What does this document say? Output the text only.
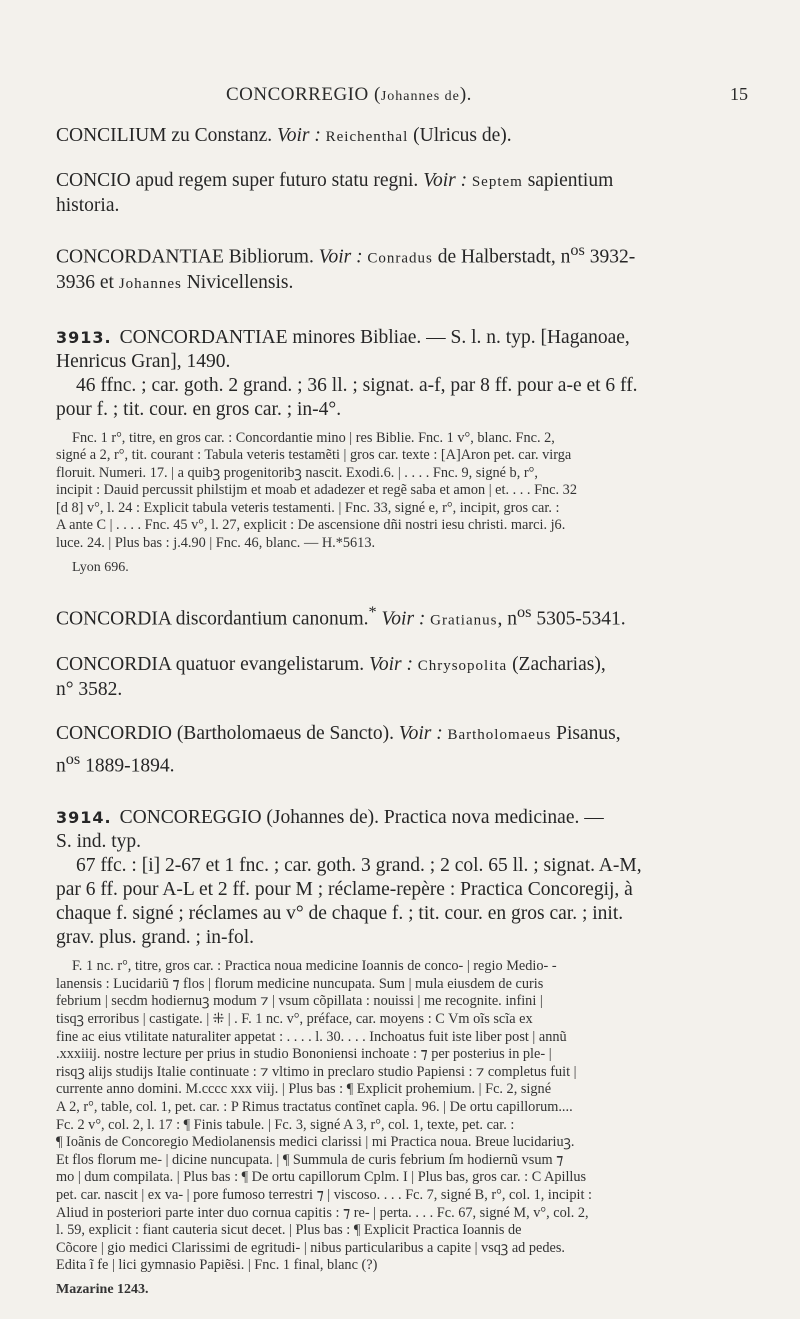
CONCORREGIO (Johannes de).	15
CONCILIUM zu Constanz. Voir : Reichenthal (Ulricus de).
CONCIO apud regem super futuro statu regni. Voir : Septem sapientium
historia.
CONCORDANTIAE Bibliorum. Voir : Conradus de Halberstadt, $n^{os}$ 3932-
3936 et Johannes Nivicellensis.
3913. CONCORDANTIAE minores Bibliae. — S. l. n. typ. [Haganoae,
Henricus Gran], 1490.
46 ffnc. ; car. goth. 2 grand. ; 36 ll. ; signat. a-f, par 8 ff. pour a-e et 6 ff.
pour f. ; tit. cour. en gros car. ; in-4°.
Fnc. 1 r°, titre, en gros car. : Concordantie mino | res Biblie. Fnc. 1 v°, blanc. Fnc. 2,
signé a 2, r°, tit. courant : Tabula veteris testamẽti | gros car. texte : [A]Aron pet. car. virga
floruit. Numeri. 17. | a quibꝫ progenitoribꝫ nascit. Exodi.6. | . . . . Fnc. 9, signé b, r°,
incipit : Dauid percussit philstijm et moab et adadezer et regẽ saba et amon | et. . . . Fnc. 32
[d 8] v°, l. 24 : Explicit tabula veteris testamenti. | Fnc. 33, signé e, r°, incipit, gros car. :
A ante C | . . . . Fnc. 45 v°, l. 27, explicit : De ascensione dñi nostri iesu christi. marci. j6.
luce. 24. | Plus bas : j.4.90 | Fnc. 46, blanc. — H.*5613.
Lyon 696.
CONCORDIA discordantium canonum.* Voir : Gratianus, $n^{os}$ 5305-5341.
CONCORDIA quatuor evangelistarum. Voir : Chrysopolita (Zacharias),
n° 3582.
CONCORDIO (Bartholomaeus de Sancto). Voir : Bartholomaeus Pisanus,
$n^{os}$ 1889-1894.
3914. CONCOREGGIO (Johannes de). Practica nova medicinae. —
S. ind. typ.
67 ffc. : [i] 2-67 et 1 fnc. ; car. goth. 3 grand. ; 2 col. 65 ll. ; signat. A-M,
par 6 ff. pour A-L et 2 ff. pour M ; réclame-repère : Practica Concoregij, à
chaque f. signé ; réclames au v° de chaque f. ; tit. cour. en gros car. ; init.
grav. plus. grand. ; in-fol.
F. 1 nc. r°, titre, gros car. : Practica noua medicine Ioannis de conco- | regio Medio- -
lanensis : Lucidariũ ⁊ flos | florum medicine nuncupata. Sum | mula eiusdem de curis
febrium | secdm hodiernuꝫ modum ⁊ | vsum cõpillata : nouissi | me recognite. infini |
tisqꝫ erroribus | castigate. | ⁜ | . F. 1 nc. v°, préface, car. moyens : C Vm oĩs scĩa ex
fine ac eius vtilitate naturaliter appetat : . . . . l. 30. . . . Inchoatus fuit iste liber post | annũ
.xxxiiij. nostre lecture per prius in studio Bononiensi inchoate : ⁊ per posterius in ple- |
risqꝫ alijs studijs Italie continuate : ⁊ vltimo in preclaro studio Papiensi : ⁊ completus fuit |
currente anno domini. M.cccc xxx viij. | Plus bas : ¶ Explicit prohemium. | Fc. 2, signé
A 2, r°, table, col. 1, pet. car. : P Rimus tractatus contĩnet capl̃a. 96. | De ortu capillorum....
Fc. 2 v°, col. 2, l. 17 : ¶ Finis tabule. | Fc. 3, signé A 3, r°, col. 1, texte, pet. car. :
¶ Ioãnis de Concoregio Mediolanensis medici clarissi | mi Practica noua. Breue lucidariuꝫ.
Et flos florum me- | dicine nuncupata. | ¶ Summula de curis febrium ſm hodiernũ vsum ⁊
mo | dum compilata. | Plus bas : ¶ De ortu capillorum Cplm. I | Plus bas, gros car. : C Apillus
pet. car. nascit | ex va- | pore fumoso terrestri ⁊ | viscoso. . . . Fc. 7, signé B, r°, col. 1, incipit :
Aliud in posteriori parte inter duo cornua capitis : ⁊ re- | perta. . . . Fc. 67, signé M, v°, col. 2,
l. 59, explicit : fiant cauteria sicut decet. | Plus bas : ¶ Explicit Practica Ioannis de
Cõcore | gio medici Clarissimi de egritudi- | nibus particularibus a capite | vsqꝫ ad pedes.
Edita ĩ fe | lici gymnasio Papiẽsi. | Fnc. 1 final, blanc (?)
Mazarine 1243.
